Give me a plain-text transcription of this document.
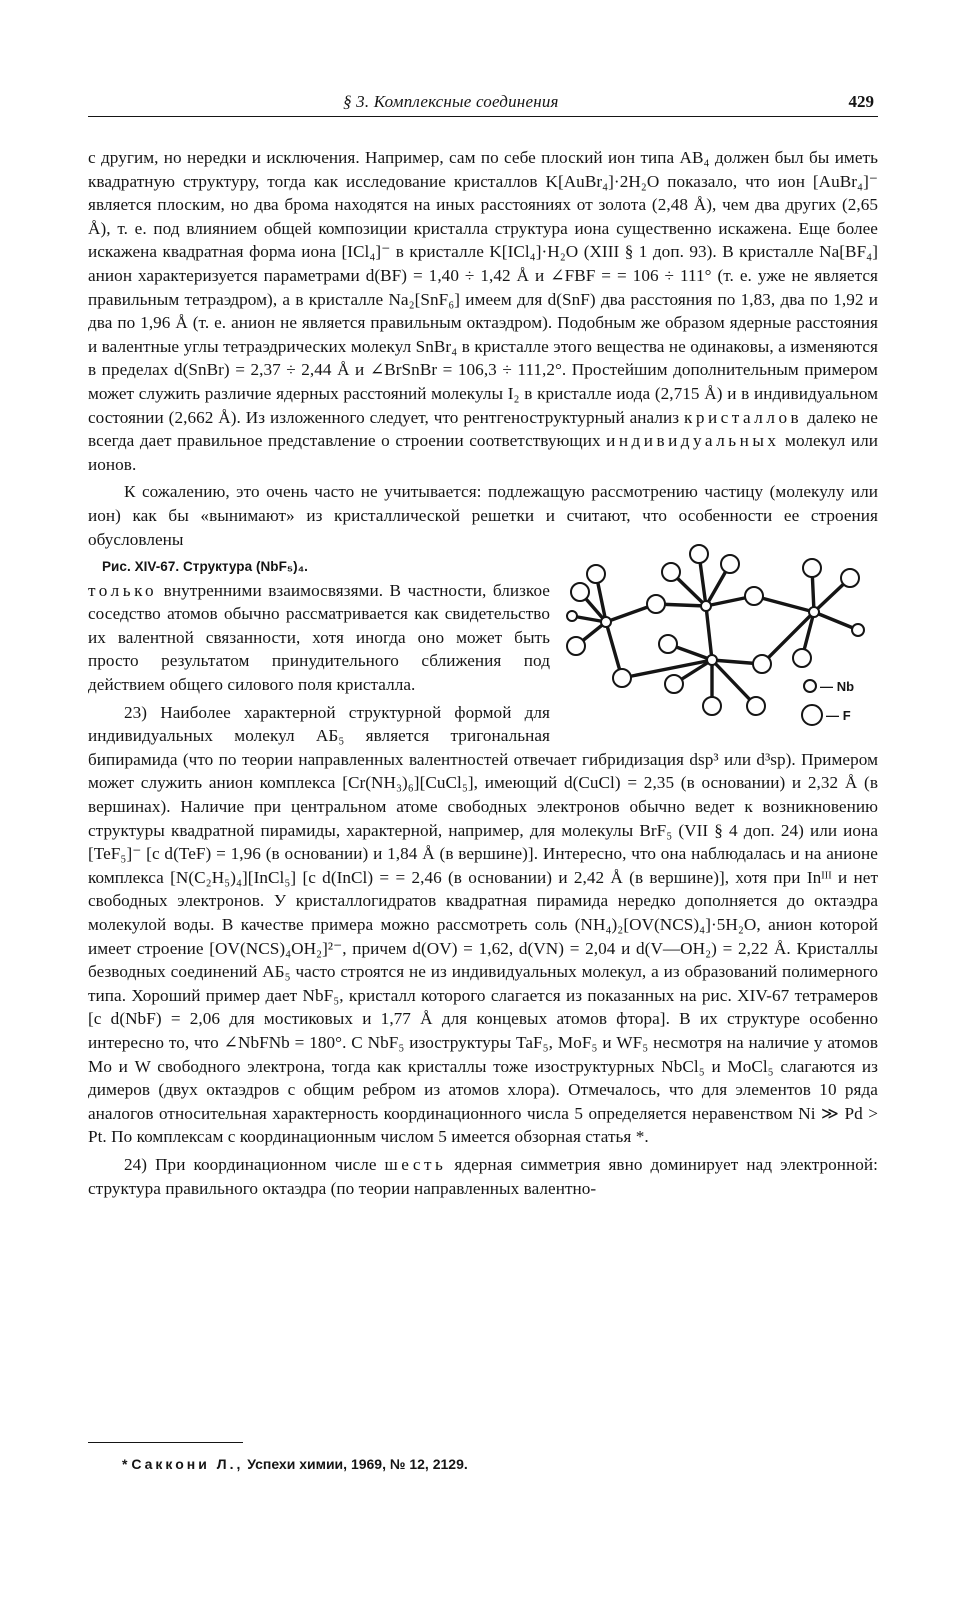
§ 3. Комплексные соединения	429

с другим, но нередки и исключения. Например, сам по себе плоский ион типа AB₄ должен был бы иметь квадратную структуру, тогда как исследование кристаллов K[AuBr₄]·2H₂O показало, что ион [AuBr₄]⁻ является плоским, но два брома находятся на иных расстояниях от золота (2,48 Å), чем два других (2,65 Å), т. е. под влиянием общей композиции кристалла структура иона существенно искажена. Еще более искажена квадратная форма иона [ICl₄]⁻ в кристалле K[ICl₄]·H₂O (XIII § 1 доп. 93). В кристалле Na[BF₄] анион характеризуется параметрами d(BF) = 1,40 ÷ 1,42 Å и ∠FBF = = 106 ÷ 111° (т. е. уже не является правильным тетраэдром), а в кристалле Na₂[SnF₆] имеем для d(SnF) два расстояния по 1,83, два по 1,92 и два по 1,96 Å (т. е. анион не является правильным октаэдром). Подобным же образом ядерные расстояния и валентные углы тетраэдрических молекул SnBr₄ в кристалле этого вещества не одинаковы, а изменяются в пределах d(SnBr) = 2,37 ÷ 2,44 Å и ∠BrSnBr = 106,3 ÷ 111,2°. Простейшим дополнительным примером может служить различие ядерных расстояний молекулы I₂ в кристалле иода (2,715 Å) и в индивидуальном состоянии (2,662 Å). Из изложенного следует, что рентгеноструктурный анализ кристаллов далеко не всегда дает правильное представление о строении соответствующих индивидуальных молекул или ионов.

К сожалению, это очень часто не учитывается: подлежащую рассмотрению частицу (молекулу или ион) как бы «вынимают» из кристаллической решетки и считают, что особенности ее строения обусловлены
— Nb
— F

Рис. XIV-67. Структура (NbF₅)₄.
только внутренними взаимосвязями. В частности, близкое соседство атомов обычно рассматривается как свидетельство их валентной связанности, хотя иногда оно может быть просто результатом принудительного сближения под действием общего силового поля кристалла.

23) Наиболее характерной структурной формой для индивидуальных молекул AБ₅ является тригональная бипирамида (что по теории направленных валентностей отвечает гибридизация dsp³ или d³sp). Примером может служить анион комплекса [Cr(NH₃)₆][CuCl₅], имеющий d(CuCl) = 2,35 (в основании) и 2,32 Å (в вершинах). Наличие при центральном атоме свободных электронов обычно ведет к возникновению структуры квадратной пирамиды, характерной, например, для молекулы BrF₅ (VII § 4 доп. 24) или иона [TeF₅]⁻ [с d(TeF) = 1,96 (в основании) и 1,84 Å (в вершине)]. Интересно, что она наблюдалась и на анионе комплекса [N(C₂H₅)₄][InCl₅] [с d(InCl) = = 2,46 (в основании) и 2,42 Å (в вершине)], хотя при Inᴵᴵᴵ и нет свободных электронов. У кристаллогидратов квадратная пирамида нередко дополняется до октаэдра молекулой воды. В качестве примера можно рассмотреть соль (NH₄)₂[OV(NCS)₄]·5H₂O, анион которой имеет строение [OV(NCS)₄OH₂]²⁻, причем d(OV) = 1,62, d(VN) = 2,04 и d(V—OH₂) = 2,22 Å. Кристаллы безводных соединений AБ₅ часто строятся не из индивидуальных молекул, а из образований полимерного типа. Хороший пример дает NbF₅, кристалл которого слагается из показанных на рис. XIV-67 тетрамеров [с d(NbF) = 2,06 для мостиковых и 1,77 Å для концевых атомов фтора]. В их структуре особенно интересно то, что ∠NbFNb = 180°. С NbF₅ изоструктуры TaF₅, MoF₅ и WF₅ несмотря на наличие у атомов Mo и W свободного электрона, тогда как кристаллы тоже изоструктурных NbCl₅ и MoCl₅ слагаются из димеров (двух октаэдров с общим ребром из атомов хлора). Отмечалось, что для элементов 10 ряда аналогов относительная характерность координационного числа 5 определяется неравенством Ni ≫ Pd > Pt. По комплексам с координационным числом 5 имеется обзорная статья *.

24) При координационном числе шесть ядерная симметрия явно доминирует над электронной: структура правильного октаэдра (по теории направленных валентно-

* Саккони Л., Успехи химии, 1969, № 12, 2129.
